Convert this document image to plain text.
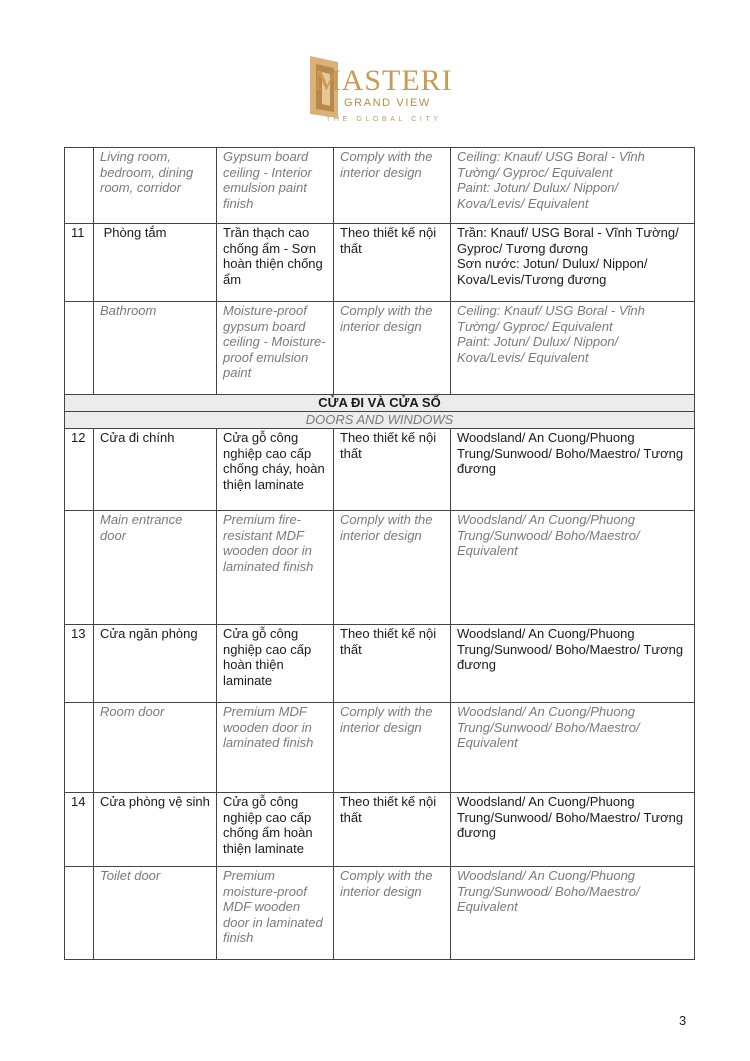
MASTERI
GRAND VIEW
THE GLOBAL CITY
	Living room, bedroom, dining room, corridor	Gypsum board ceiling - Interior emulsion paint finish	Comply with the interior design	Ceiling: Knauf/ USG Boral - Vĩnh Tường/ Gyproc/ Equivalent
Paint: Jotun/ Dulux/ Nippon/ Kova/Levis/ Equivalent
11	Phòng tắm	Trần thạch cao chống ẩm - Sơn hoàn thiện chống ẩm	Theo thiết kế nội thất	Trần: Knauf/ USG Boral - Vĩnh Tường/ Gyproc/ Tương đương
Sơn nước: Jotun/ Dulux/ Nippon/ Kova/Levis/Tương đương
	Bathroom	Moisture-proof gypsum board ceiling - Moisture-proof emulsion paint	Comply with the interior design	Ceiling: Knauf/ USG Boral - Vĩnh Tường/ Gyproc/ Equivalent
Paint: Jotun/ Dulux/ Nippon/ Kova/Levis/ Equivalent
CỬA ĐI VÀ CỬA SỔ				
DOORS AND WINDOWS				
12	Cửa đi chính	Cửa gỗ công nghiệp cao cấp chống cháy, hoàn thiện laminate	Theo thiết kế nội thất	Woodsland/ An Cuong/Phuong Trung/Sunwood/ Boho/Maestro/ Tương đương
	Main entrance door	Premium fire-resistant MDF wooden door in laminated finish	Comply with the interior design	Woodsland/ An Cuong/Phuong Trung/Sunwood/ Boho/Maestro/ Equivalent
13	Cửa ngăn phòng	Cửa gỗ công nghiệp cao cấp hoàn thiện laminate	Theo thiết kế nội thất	Woodsland/ An Cuong/Phuong Trung/Sunwood/ Boho/Maestro/ Tương đương
	Room door	Premium MDF wooden door in laminated finish	Comply with the interior design	Woodsland/ An Cuong/Phuong Trung/Sunwood/ Boho/Maestro/ Equivalent
14	Cửa phòng vệ sinh	Cửa gỗ công nghiệp cao cấp chống ẩm hoàn thiện laminate	Theo thiết kế nội thất	Woodsland/ An Cuong/Phuong Trung/Sunwood/ Boho/Maestro/ Tương đương
	Toilet door	Premium moisture-proof MDF wooden door in laminated finish	Comply with the interior design	Woodsland/ An Cuong/Phuong Trung/Sunwood/ Boho/Maestro/ Equivalent
3
